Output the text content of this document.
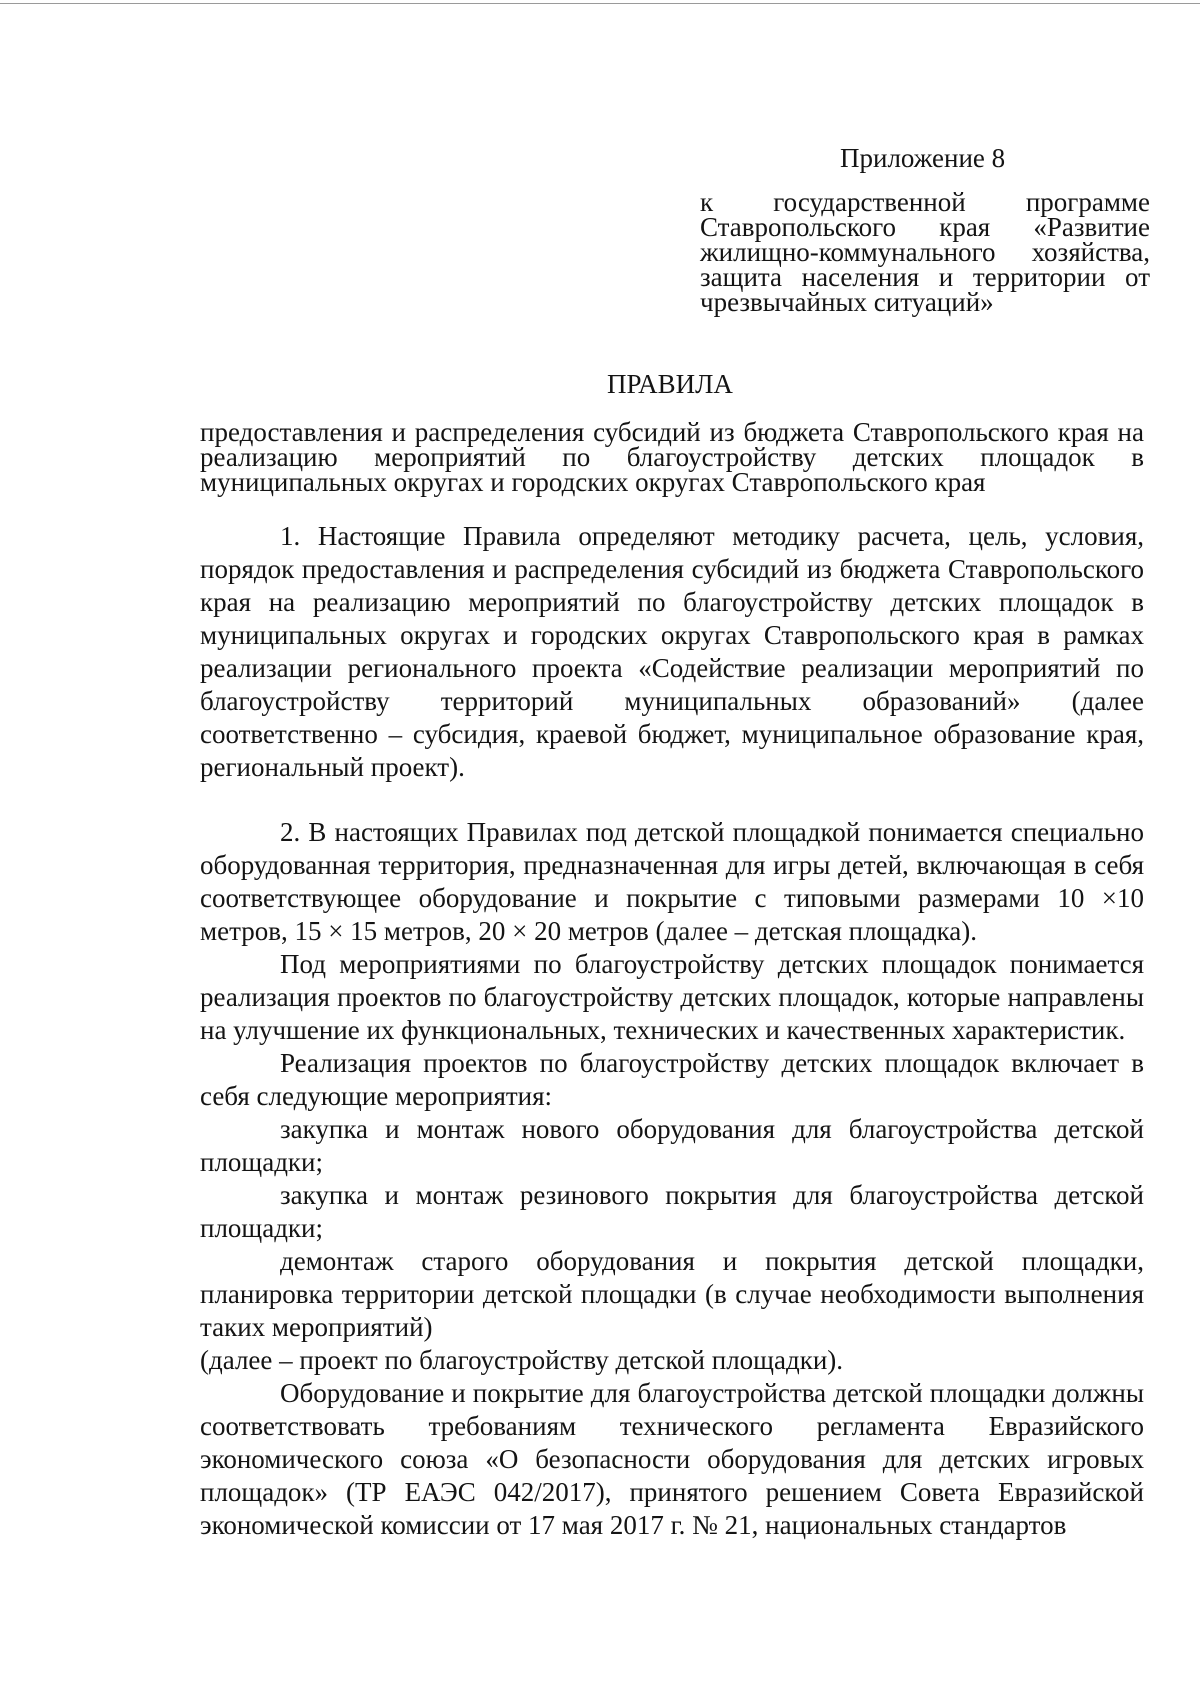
Приложение 8

к государственной программе Ставропольского края «Развитие жилищно-коммунального хозяйства, защита населения и территории от чрезвычайных ситуаций»

ПРАВИЛА

предоставления и распределения субсидий из бюджета Ставропольского края на реализацию мероприятий по благоустройству детских площадок в муниципальных округах и городских округах Ставропольского края

1. Настоящие Правила определяют методику расчета, цель, условия, порядок предоставления и распределения субсидий из бюджета Ставропольского края на реализацию мероприятий по благоустройству детских площадок в муниципальных округах и городских округах Ставропольского края в рамках реализации регионального проекта «Содействие реализации мероприятий по благоустройству территорий муниципальных образований» (далее соответственно – субсидия, краевой бюджет, муниципальное образование края, региональный проект).

2. В настоящих Правилах под детской площадкой понимается специально оборудованная территория, предназначенная для игры детей, включающая в себя соответствующее оборудование и покрытие с типовыми размерами 10 ×10 метров, 15 × 15 метров, 20 × 20 метров (далее – детская площадка).

Под мероприятиями по благоустройству детских площадок понимается реализация проектов по благоустройству детских площадок, которые направлены на улучшение их функциональных, технических и качественных характеристик.

Реализация проектов по благоустройству детских площадок включает в себя следующие мероприятия:

закупка и монтаж нового оборудования для благоустройства детской площадки;

закупка и монтаж резинового покрытия для благоустройства детской площадки;

демонтаж старого оборудования и покрытия детской площадки, планировка территории детской площадки (в случае необходимости выполнения таких мероприятий)

(далее – проект по благоустройству детской площадки).

Оборудование и покрытие для благоустройства детской площадки должны соответствовать требованиям технического регламента Евразийского экономического союза «О безопасности оборудования для детских игровых площадок» (ТР ЕАЭС 042/2017), принятого решением Совета Евразийской экономической комиссии от 17 мая 2017 г. № 21, национальных стандартов
